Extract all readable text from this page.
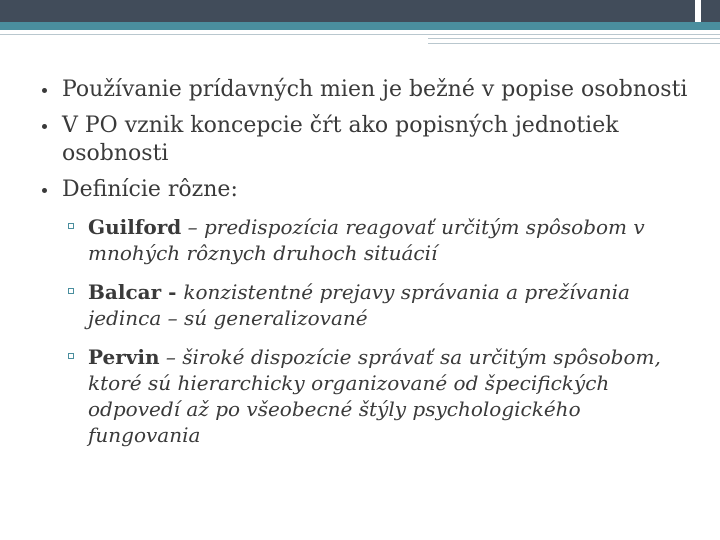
Používanie prídavných mien je bežné v popise osobnosti
V PO vznik koncepcie čŕt ako popisných jednotiek osobnosti
Definície rôzne:
Guilford – predispozícia reagovať určitým spôsobom v mnohých rôznych druhoch situácií
Balcar - konzistentné prejavy správania a prežívania jedinca – sú generalizované
Pervin – široké dispozície správať sa určitým spôsobom, ktoré sú hierarchicky organizované od špecifických odpovedí až po všeobecné štýly psychologického fungovania
